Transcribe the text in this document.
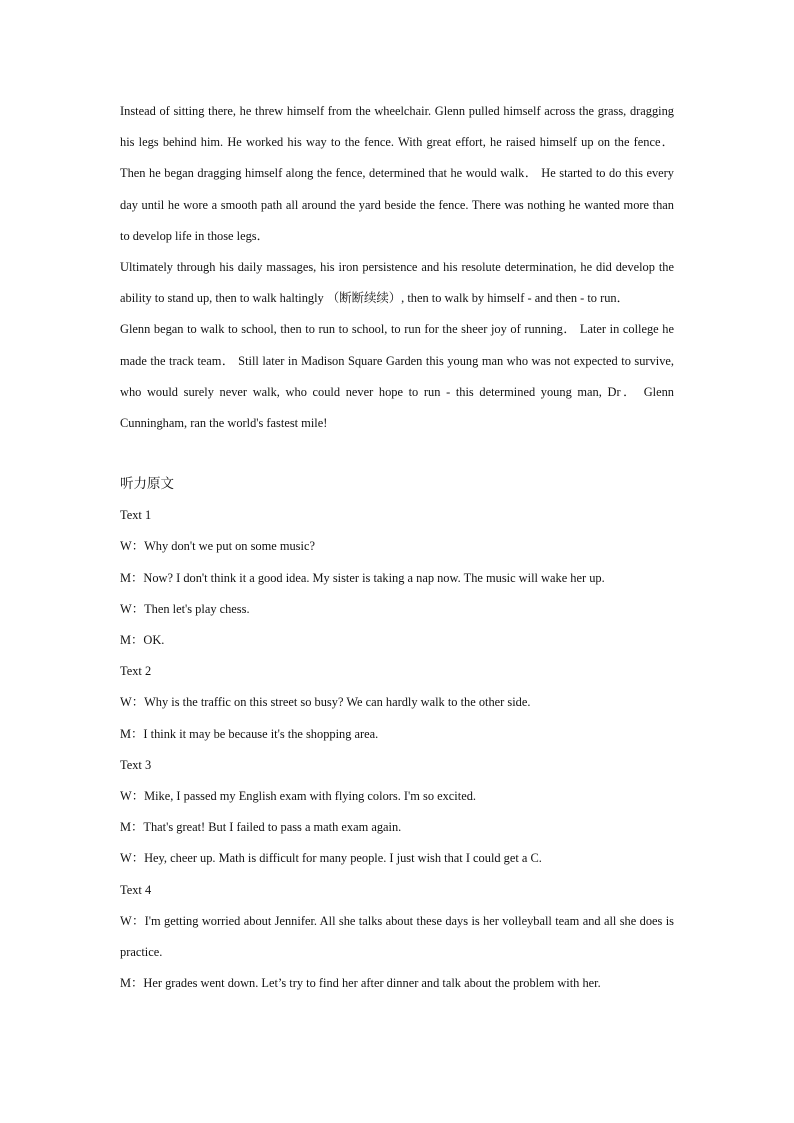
Instead of sitting there, he threw himself from the wheelchair. Glenn pulled himself across the grass, dragging his legs behind him. He worked his way to the fence. With great effort, he raised himself up on the fence． Then he began dragging himself along the fence, determined that he would walk． He started to do this every day until he wore a smooth path all around the yard beside the fence. There was nothing he wanted more than to develop life in those legs．

Ultimately through his daily massages, his iron persistence and his resolute determination, he did develop the ability to stand up, then to walk haltingly （断断续续）, then to walk by himself - and then - to run．

Glenn began to walk to school, then to run to school, to run for the sheer joy of running． Later in college he made the track team． Still later in Madison Square Garden this young man who was not expected to survive, who would surely never walk, who could never hope to run - this determined young man, Dr． Glenn Cunningham, ran the world's fastest mile!

听力原文

Text 1

W：Why don't we put on some music?

M：Now? I don't think it a good idea. My sister is taking a nap now. The music will wake her up.

W：Then let's play chess.

M：OK.

Text 2

W：Why is the traffic on this street so busy? We can hardly walk to the other side.

M：I think it may be because it's the shopping area.

Text 3

W：Mike, I passed my English exam with flying colors. I'm so excited.

M：That's great! But I failed to pass a math exam again.

W：Hey, cheer up. Math is difficult for many people. I just wish that I could get a C.

Text 4

W：I'm getting worried about Jennifer. All she talks about these days is her volleyball team and all she does is practice.

M：Her grades went down. Let’s try to find her after dinner and talk about the problem with her.
